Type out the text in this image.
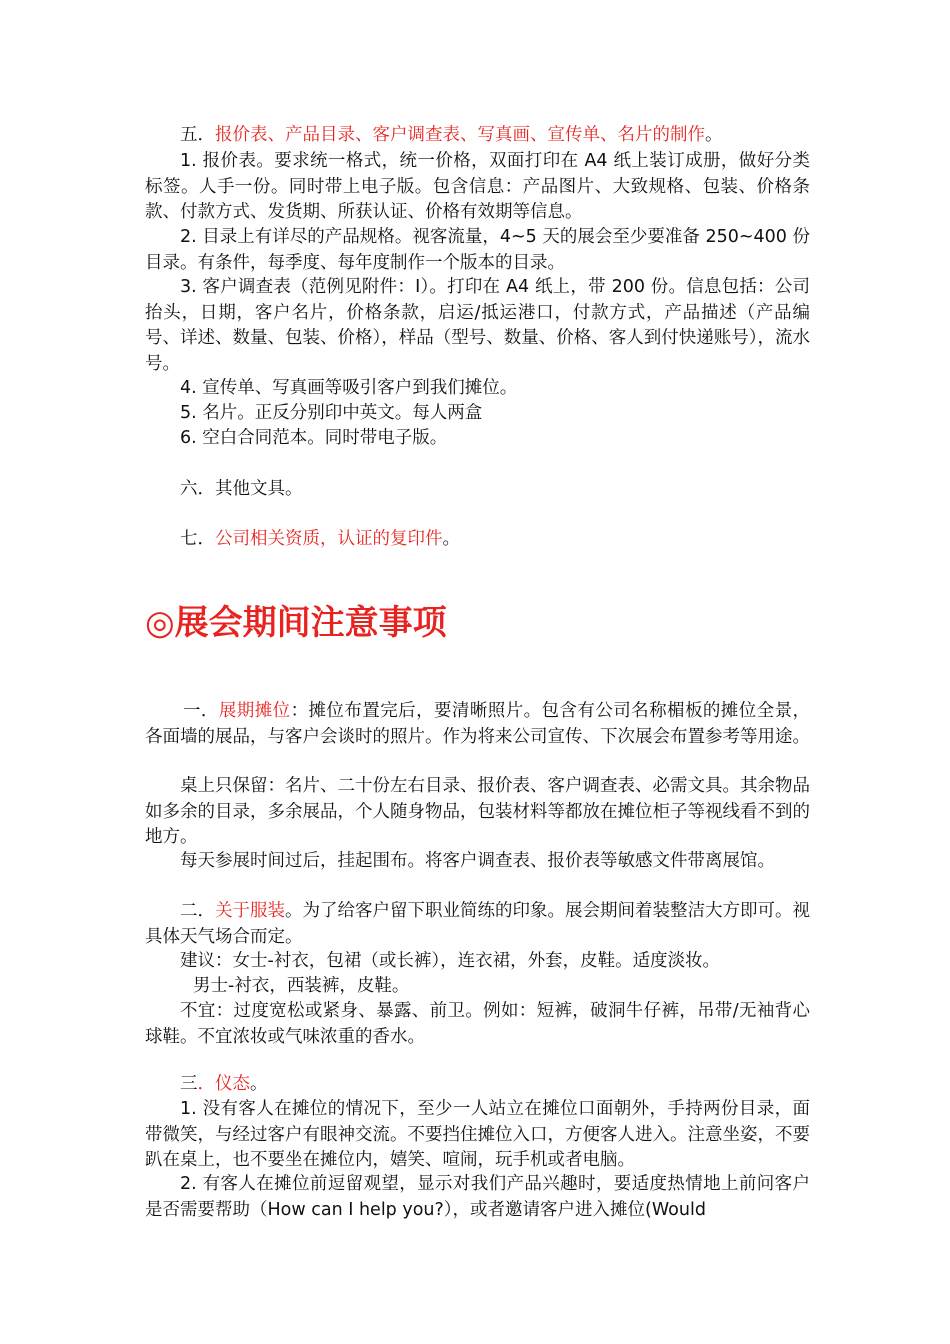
五．报价表、产品目录、客户调查表、写真画、宣传单、名片的制作。

1. 报价表。要求统一格式，统一价格，双面打印在 A4 纸上装订成册，做好分类标签。人手一份。同时带上电子版。包含信息：产品图片、大致规格、包装、价格条款、付款方式、发货期、所获认证、价格有效期等信息。

2. 目录上有详尽的产品规格。视客流量，4~5 天的展会至少要准备 250~400 份目录。有条件，每季度、每年度制作一个版本的目录。

3. 客户调查表（范例见附件：Ⅰ）。打印在 A4 纸上，带 200 份。信息包括：公司抬头，日期，客户名片，价格条款，启运/抵运港口，付款方式，产品描述（产品编号、详述、数量、包装、价格），样品（型号、数量、价格、客人到付快递账号），流水号。

4. 宣传单、写真画等吸引客户到我们摊位。

5. 名片。正反分别印中英文。每人两盒

6. 空白合同范本。同时带电子版。

六．其他文具。

七．公司相关资质，认证的复印件。

◎展会期间注意事项

一．展期摊位：摊位布置完后，要清晰照片。包含有公司名称楣板的摊位全景，各面墙的展品，与客户会谈时的照片。作为将来公司宣传、下次展会布置参考等用途。

桌上只保留：名片、二十份左右目录、报价表、客户调查表、必需文具。其余物品如多余的目录，多余展品，个人随身物品，包装材料等都放在摊位柜子等视线看不到的地方。

每天参展时间过后，挂起围布。将客户调查表、报价表等敏感文件带离展馆。

二．关于服装。为了给客户留下职业简练的印象。展会期间着装整洁大方即可。视具体天气场合而定。

建议：女士-衬衣，包裙（或长裤），连衣裙，外套，皮鞋。适度淡妆。

男士-衬衣，西装裤，皮鞋。

不宜：过度宽松或紧身、暴露、前卫。例如：短裤，破洞牛仔裤，吊带/无袖背心球鞋。不宜浓妆或气味浓重的香水。

三．仪态。

1. 没有客人在摊位的情况下，至少一人站立在摊位口面朝外，手持两份目录，面带微笑，与经过客户有眼神交流。不要挡住摊位入口，方便客人进入。注意坐姿，不要趴在桌上，也不要坐在摊位内，嬉笑、喧闹，玩手机或者电脑。

2. 有客人在摊位前逗留观望，显示对我们产品兴趣时，要适度热情地上前问客户是否需要帮助（How can I help you?），或者邀请客户进入摊位(Would
